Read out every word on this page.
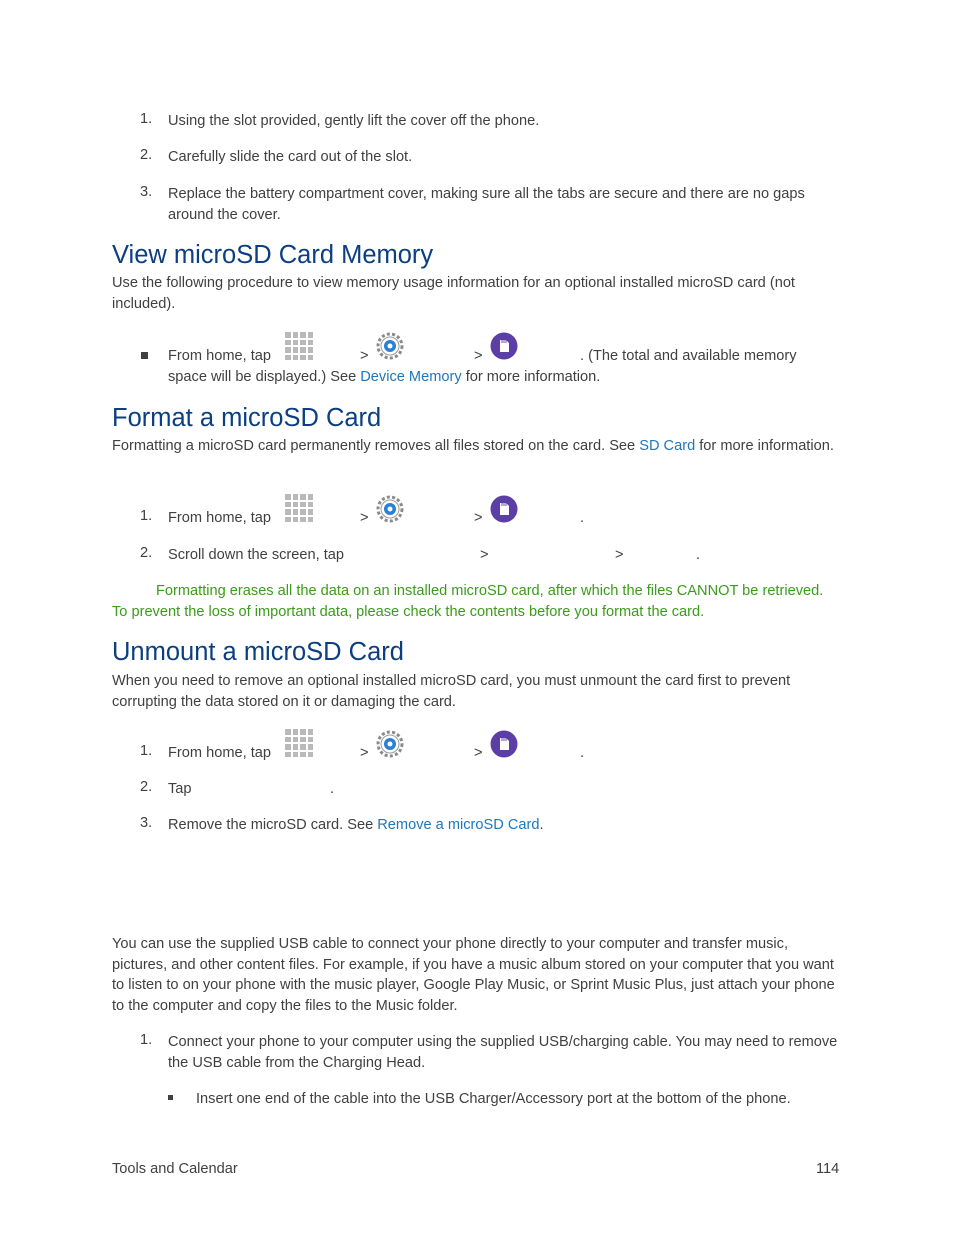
1.	Using the slot provided, gently lift the cover off the phone.
2.	Carefully slide the card out of the slot.
3.	Replace the battery compartment cover, making sure all the tabs are secure and there are no gaps around the cover.
View microSD Card Memory

Use the following procedure to view memory usage information for an optional installed microSD card (not included).

From home, tap	>	>	. (The total and available memory
space will be displayed.) See Device Memory for more information.
Format a microSD Card

Formatting a microSD card permanently removes all files stored on the card. See SD Card for more information.

1.	From home, tap	>	>	.
2.	Scroll down the screen, tap	>	>	.
Formatting erases all the data on an installed microSD card, after which the files CANNOT be retrieved. To prevent the loss of important data, please check the contents before you format the card.
Unmount a microSD Card

When you need to remove an optional installed microSD card, you must unmount the card first to prevent corrupting the data stored on it or damaging the card.

1.	From home, tap	>	>	.
2.	Tap	.
3.	Remove the microSD card. See Remove a microSD Card.

You can use the supplied USB cable to connect your phone directly to your computer and transfer music, pictures, and other content files. For example, if you have a music album stored on your computer that you want to listen to on your phone with the music player, Google Play Music, or Sprint Music Plus, just attach your phone to the computer and copy the files to the Music folder.

1.	Connect your phone to your computer using the supplied USB/charging cable. You may need to remove the USB cable from the Charging Head.
Insert one end of the cable into the USB Charger/Accessory port at the bottom of the phone.
Tools and Calendar	114
